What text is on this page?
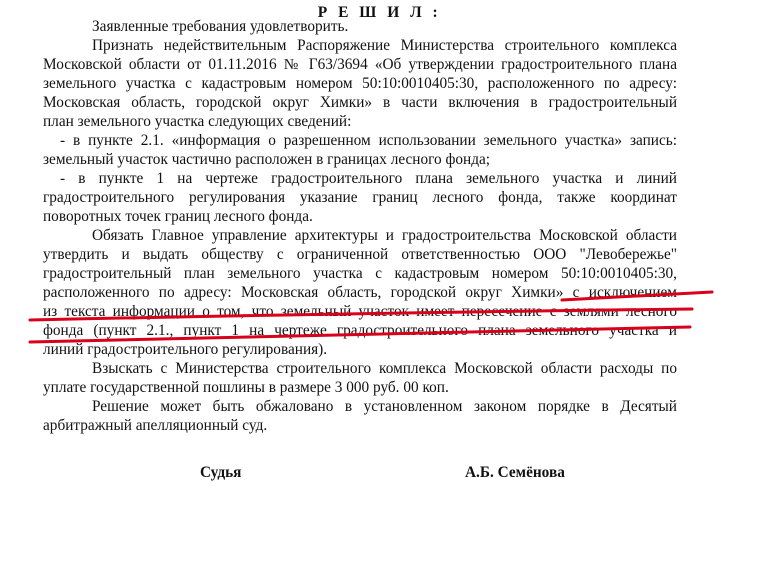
Р Е Ш И Л :
Заявленные требования удовлетворить.
Признать недействительным Распоряжение Министерства строительного комплекса
Московской области от 01.11.2016 № Г63/3694 «Об утверждении градостроительного плана
земельного участка с кадастровым номером 50:10:0010405:30, расположенного по адресу:
Московская область, городской округ Химки» в части включения в градостроительный
план земельного участка следующих сведений:
- в пункте 2.1. «информация о разрешенном использовании земельного участка» запись:
земельный участок частично расположен в границах лесного фонда;
- в пункте 1 на чертеже градостроительного плана земельного участка и линий
градостроительного регулирования указание границ лесного фонда, также координат
поворотных точек границ лесного фонда.
Обязать Главное управление архитектуры и градостроительства Московской области
утвердить и выдать обществу с ограниченной ответственностью ООО "Левобережье"
градостроительный план земельного участка с кадастровым номером 50:10:0010405:30,
расположенного по адресу: Московская область, городской округ Химки» с исключением
из текста информации о том, что земельный участок имеет пересечение с землями лесного
фонда (пункт 2.1., пункт 1 на чертеже градостроительного плана земельного участка и
линий градостроительного регулирования).
Взыскать с Министерства строительного комплекса Московской области расходы по
уплате государственной пошлины в размере 3 000 руб. 00 коп.
Решение может быть обжаловано в установленном законом порядке в Десятый
арбитражный апелляционный суд.
Судья	А.Б. Семёнова
